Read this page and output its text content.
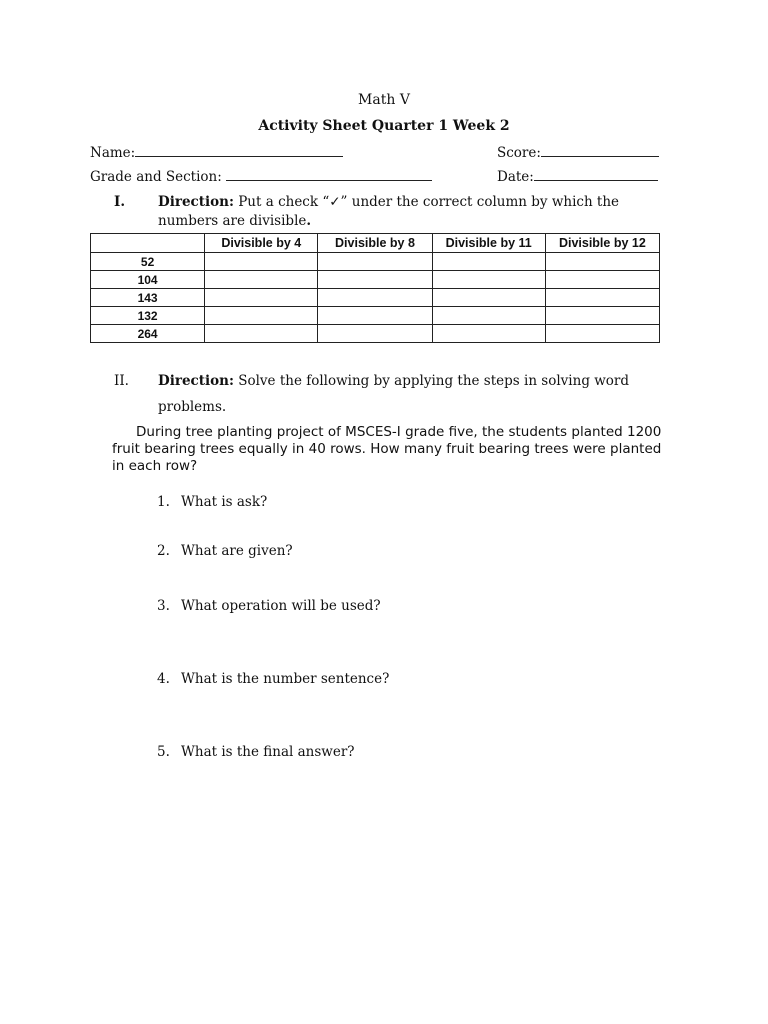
Math V
Activity Sheet Quarter 1 Week 2
Name:	Score:
Grade and Section:	Date:
I. Direction: Put a check “✓” under the correct column by which the
numbers are divisible.
	Divisible by 4	Divisible by 8	Divisible by 11	Divisible by 12
52				
104				
143				
132				
264				
II. Direction: Solve the following by applying the steps in solving word
problems.
During tree planting project of MSCES-I grade five, the students planted 1200 fruit bearing trees equally in 40 rows. How many fruit bearing trees were planted in each row?
1. What is ask?
2. What are given?
3. What operation will be used?
4. What is the number sentence?
5. What is the final answer?
